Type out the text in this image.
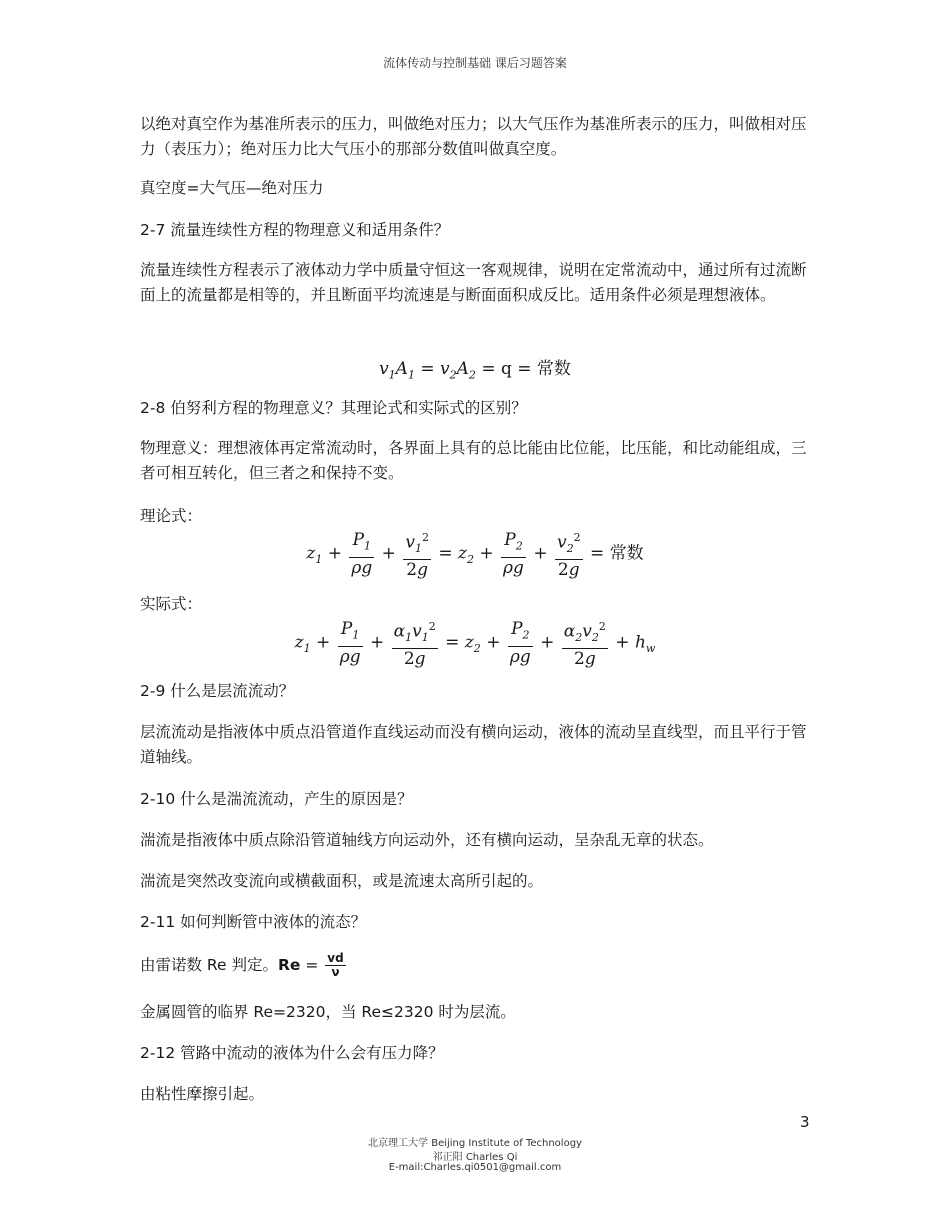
流体传动与控制基础 课后习题答案
以绝对真空作为基准所表示的压力，叫做绝对压力；以大气压作为基准所表示的压力，叫做相对压力（表压力）；绝对压力比大气压小的那部分数值叫做真空度。
真空度=大气压—绝对压力
2-7 流量连续性方程的物理意义和适用条件？
流量连续性方程表示了液体动力学中质量守恒这一客观规律，说明在定常流动中，通过所有过流断面上的流量都是相等的，并且断面平均流速是与断面面积成反比。适用条件必须是理想液体。
$v_1A_1 = v_2A_2 = q$ = 常数
2-8 伯努利方程的物理意义？其理论式和实际式的区别？
物理意义：理想液体再定常流动时，各界面上具有的总比能由比位能，比压能，和比动能组成，三者可相互转化，但三者之和保持不变。
理论式：
$z_1 + \frac{P_1}{\rho g} + \frac{v_1^2}{2g} = z_2 + \frac{P_2}{\rho g} + \frac{v_2^2}{2g}$ = 常数
实际式：
$z_1 + \frac{P_1}{\rho g} + \frac{\alpha_1v_1^2}{2g} = z_2 + \frac{P_2}{\rho g} + \frac{\alpha_2v_2^2}{2g} + h_w$
2-9 什么是层流流动？
层流流动是指液体中质点沿管道作直线运动而没有横向运动，液体的流动呈直线型，而且平行于管道轴线。
2-10 什么是湍流流动，产生的原因是？
湍流是指液体中质点除沿管道轴线方向运动外，还有横向运动，呈杂乱无章的状态。
湍流是突然改变流向或横截面积，或是流速太高所引起的。
2-11 如何判断管中液体的流态？
由雷诺数 Re 判定。$Re = \frac{vd}{\nu}$
金属圆管的临界 Re=2320，当 Re≤2320 时为层流。
2-12 管路中流动的液体为什么会有压力降？
由粘性摩擦引起。
3
北京理工大学 Beijing Institute of Technology
祁正阳 Charles Qi
E-mail:Charles.qi0501@gmail.com
